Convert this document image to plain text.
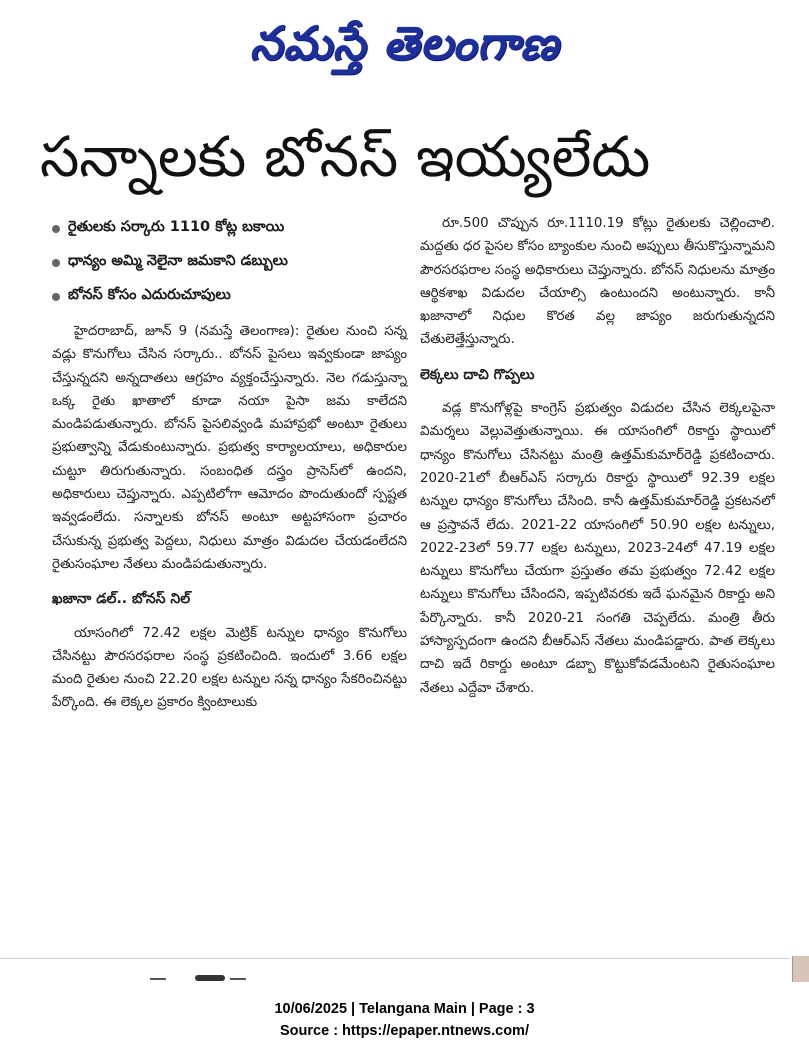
నమస్తే తెలంగాణ
సన్నాలకు బోనస్ ఇయ్యలేదు
రైతులకు సర్కారు 1110 కోట్ల బకాయి
ధాన్యం అమ్మి నెలైనా జమకాని డబ్బులు
బోనస్ కోసం ఎదురుచూపులు

హైదరాబాద్, జూన్ 9 (నమస్తే తెలంగాణ): రైతుల నుంచి సన్న వడ్లు కొనుగోలు చేసిన సర్కారు.. బోనస్ పైసలు ఇవ్వకుండా జాప్యం చేస్తున్నదని అన్నదాతలు ఆగ్రహం వ్యక్తంచేస్తున్నారు. నెల గడుస్తున్నా ఒక్క రైతు ఖాతాలో కూడా నయా పైసా జమ కాలేదని మండిపడుతున్నారు. బోనస్ పైసలివ్వండి మహాప్రభో అంటూ రైతులు ప్రభుత్వాన్ని వేడుకుంటున్నారు. ప్రభుత్వ కార్యాలయాలు, అధికారుల చుట్టూ తిరుగుతున్నారు. సంబంధిత దస్త్రం ప్రాసెస్‌లో ఉందని, అధికారులు చెప్తున్నారు. ఎప్పటిలోగా ఆమోదం పొందుతుందో స్పష్టత ఇవ్వడంలేదు. సన్నాలకు బోనస్ అంటూ అట్టహాసంగా ప్రచారం చేసుకున్న ప్రభుత్వ పెద్దలు, నిధులు మాత్రం విడుదల చేయడంలేదని రైతుసంఘాల నేతలు మండిపడుతున్నారు.

ఖజానా డల్.. బోనస్ నిల్

యాసంగిలో 72.42 లక్షల మెట్రిక్ టన్నుల ధాన్యం కొనుగోలు చేసినట్టు పౌరసరఫరాల సంస్థ ప్రకటించింది. ఇందులో 3.66 లక్షల మంది రైతుల నుంచి 22.20 లక్షల టన్నుల సన్న ధాన్యం సేకరించినట్టు పేర్కొంది. ఈ లెక్కల ప్రకారం క్వింటాలుకు

రూ.500 చొప్పున రూ.1110.19 కోట్లు రైతులకు చెల్లించాలి. మద్దతు ధర పైసల కోసం బ్యాంకుల నుంచి అప్పులు తీసుకొస్తున్నామని పౌరసరఫరాల సంస్థ అధికారులు చెప్తున్నారు. బోనస్ నిధులను మాత్రం ఆర్థికశాఖ విడుదల చేయాల్సి ఉంటుందని అంటున్నారు. కానీ ఖజానాలో నిధుల కొరత వల్ల జాప్యం జరుగుతున్నదని చేతులెత్తేస్తున్నారు.

లెక్కలు దాచి గొప్పలు

వడ్ల కొనుగోళ్లపై కాంగ్రెస్ ప్రభుత్వం విడుదల చేసిన లెక్కలపైనా విమర్శలు వెల్లువెత్తుతున్నాయి. ఈ యాసంగిలో రికార్డు స్థాయిలో ధాన్యం కొనుగోలు చేసినట్టు మంత్రి ఉత్తమ్‌కుమార్‌రెడ్డి ప్రకటించారు. 2020-21లో బీఆర్‌ఎస్ సర్కారు రికార్డు స్థాయిలో 92.39 లక్షల టన్నుల ధాన్యం కొనుగోలు చేసింది. కానీ ఉత్తమ్‌కుమార్‌రెడ్డి ప్రకటనలో ఆ ప్రస్తావనే లేదు. 2021-22 యాసంగిలో 50.90 లక్షల టన్నులు, 2022-23లో 59.77 లక్షల టన్నులు, 2023-24లో 47.19 లక్షల టన్నులు కొనుగోలు చేయగా ప్రస్తుతం తమ ప్రభుత్వం 72.42 లక్షల టన్నులు కొనుగోలు చేసిందని, ఇప్పటివరకు ఇదే ఘనమైన రికార్డు అని పేర్కొన్నారు. కానీ 2020-21 సంగతి చెప్పలేదు. మంత్రి తీరు హాస్యాస్పదంగా ఉందని బీఆర్‌ఎస్ నేతలు మండిపడ్డారు. పాత లెక్కలు దాచి ఇదే రికార్డు అంటూ డబ్బా కొట్టుకోవడమేంటని రైతుసంఘాల నేతలు ఎద్దేవా చేశారు.

10/06/2025 | Telangana Main | Page : 3
Source : https://epaper.ntnews.com/
